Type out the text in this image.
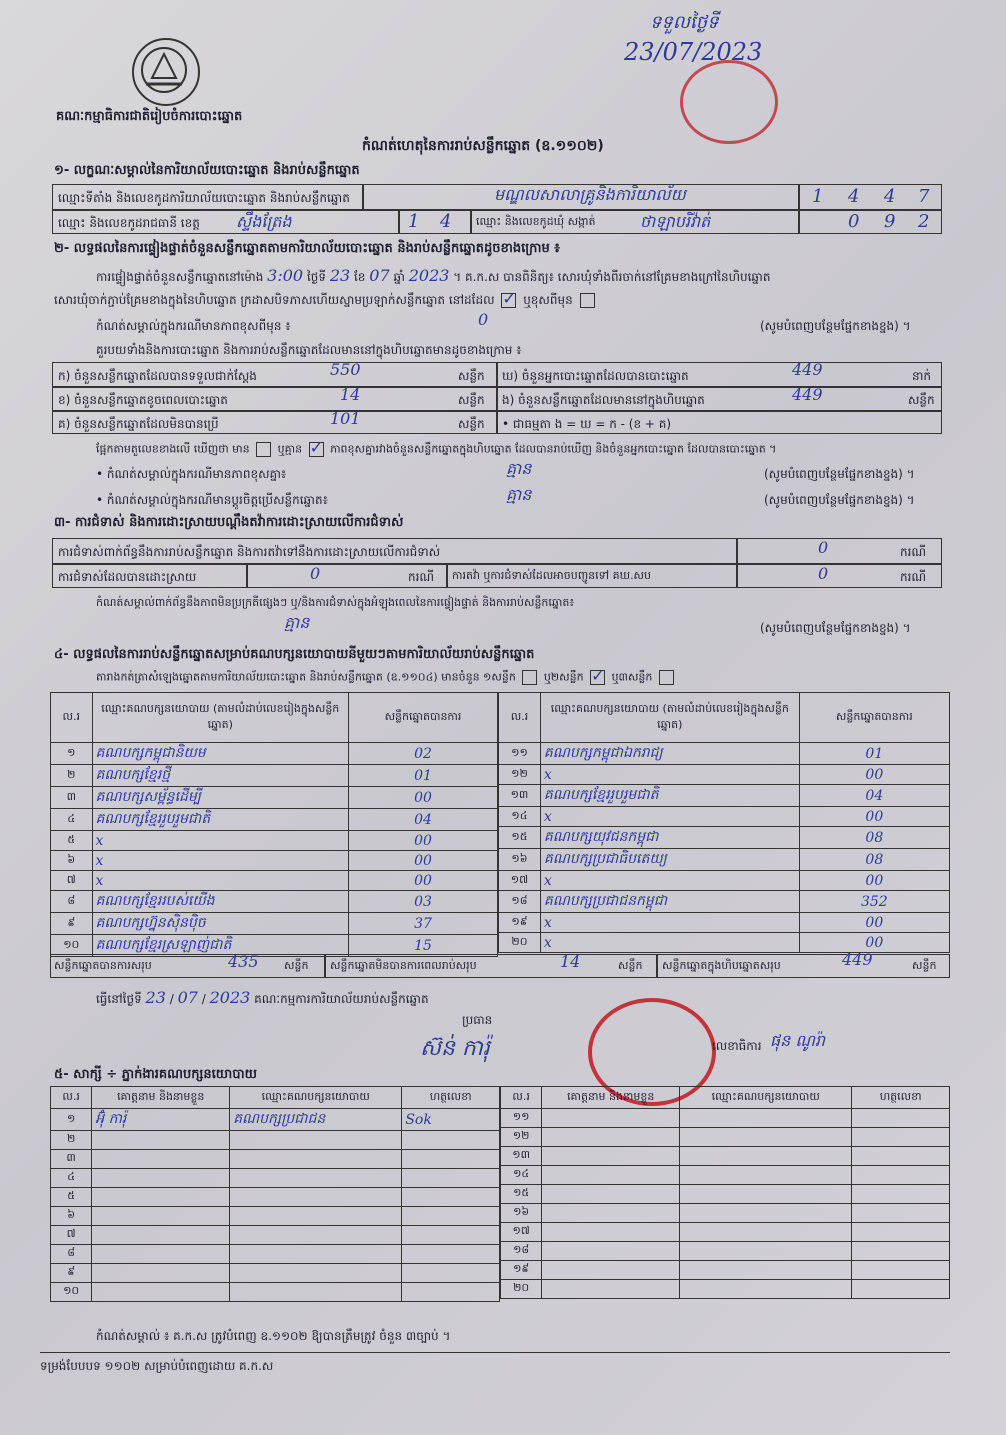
គណៈកម្មាធិការជាតិរៀបចំការបោះឆ្នោត
ទទួលថ្ងៃទី
23/07/2023
កំណត់ហេតុនៃការរាប់សន្លឹកឆ្នោត (ឧ.១១០២)
១- លក្ខណៈសម្គាល់នៃការិយាល័យបោះឆ្នោត និងរាប់សន្លឹកឆ្នោត
ឈ្មោះទីតាំង និងលេខកូដការិយាល័យបោះឆ្នោត និងរាប់សន្លឹកឆ្នោត	មណ្ឌលសាលាគ្រូនិងការិយាល័យ	1 4 4 7
ឈ្មោះ និងលេខកូដរាជធានី ខេត្ត ស្ទឹងត្រែង	1 4 ឈ្មោះ និងលេខកូដឃុំ សង្កាត់	ថាឡាបរិវ៉ាត់	0 9 2
២- លទ្ធផលនៃការផ្ទៀងផ្ទាត់ចំនួនសន្លឹកឆ្នោតតាមការិយាល័យបោះឆ្នោត និងរាប់សន្លឹកឆ្នោតដូចខាងក្រោម ៖
ការផ្ទៀងផ្ទាត់ចំនួនសន្លឹកឆ្នោតនៅម៉ោង 3:00 ថ្ងៃទី 23 ខែ 07 ឆ្នាំ 2023 ។ គ.ក.ស បានពិនិត្យ៖ សោរឃុំទាំងពីរចាក់នៅគ្រែមខាងក្រៅនៃហិបឆ្នោត
សោរឃុំចាក់ភ្ជាប់គ្រែមខាងក្នុងនៃហិបឆ្នោត ក្រដាសបិទភាសហើយស្នាមប្រឡាក់សន្លឹកឆ្នោត នៅដដែល ✓ ឬខុសពីមុន
កំណត់សម្គាល់ក្នុងករណីមានភាពខុសពីមុន ៖	0	(សូមបំពេញបន្ថែមផ្នែកខាងខ្នង) ។
គួរបយទាំងនិងការបោះឆ្នោត និងការរាប់សន្លឹកឆ្នោតដែលមាននៅក្នុងហិបឆ្នោតមានដូចខាងក្រោម ៖
ក) ចំនួនសន្លឹកឆ្នោតដែលបានទទួលជាក់ស្តែង	550	សន្លឹក
ខ) ចំនួនសន្លឹកឆ្នោតខូចពេលបោះឆ្នោត	14	សន្លឹក
គ) ចំនួនសន្លឹកឆ្នោតដែលមិនបានប្រើ	101	សន្លឹក
ឃ) ចំនួនអ្នកបោះឆ្នោតដែលបានបោះឆ្នោត	449	នាក់
ង) ចំនួនសន្លឹកឆ្នោតដែលមាននៅក្នុងហិបឆ្នោត	449	សន្លឹក
• ជាធម្មតា ង = ឃ = ក - (ខ + គ)
ផ្អែកតាមតួលេខខាងលើ ឃើញថា មាន	ឬគ្មាន ✓	ភាពខុសគ្នារវាងចំនួនសន្លឹកឆ្នោតក្នុងហិបឆ្នោត ដែលបានរាប់ឃើញ និងចំនួនអ្នកបោះឆ្នោត ដែលបានបោះឆ្នោត ។
• កំណត់សម្គាល់ក្នុងករណីមានភាពខុសគ្នា៖	គ្មាន	(សូមបំពេញបន្ថែមផ្នែកខាងខ្នង) ។
• កំណត់សម្គាល់ក្នុងករណីមានប្តូរចិត្តប្រើសន្លឹកឆ្នោត៖	គ្មាន	(សូមបំពេញបន្ថែមផ្នែកខាងខ្នង) ។
៣- ការជំទាស់ និងការដោះស្រាយបណ្តឹងតវ៉ាការដោះស្រាយលើការជំទាស់
ការជំទាស់ពាក់ព័ន្ធនឹងការរាប់សន្លឹកឆ្នោត និងការតវ៉ាទៅនឹងការដោះស្រាយលើការជំទាស់	0	ករណី
ការជំទាស់ដែលបានដោះស្រាយ	0	ករណី ការតវ៉ា ឬការជំទាស់ដែលអាចបញ្ជូនទៅ គឃ.សប	0	ករណី
កំណត់សម្គាល់ពាក់ព័ន្ធនឹងភាពមិនប្រក្រតីផ្សេងៗ ឬ/និងការជំទាស់ក្នុងអំឡុងពេលនៃការផ្ទៀងផ្ទាត់ និងការរាប់សន្លឹកឆ្នោត៖
គ្មាន	(សូមបំពេញបន្ថែមផ្នែកខាងខ្នង) ។
៤- លទ្ធផលនៃការរាប់សន្លឹកឆ្នោតសម្រាប់គណបក្សនយោបាយនីមួយៗតាមការិយាល័យរាប់សន្លឹកឆ្នោត
តារាងកត់ត្រាសំឡេងឆ្នោតតាមការិយាល័យបោះឆ្នោត និងរាប់សន្លឹកឆ្នោត (ឧ.១១០៤) មានចំនួន ១សន្លឹក	ឬ២សន្លឹក ✓	ឬ៣សន្លឹក
ល.រ	ឈ្មោះគណបក្សនយោបាយ (តាមលំដាប់លេខរៀងក្នុងសន្លឹកឆ្នោត)	សន្លឹកឆ្នោតបានការ
១	គណបក្សកម្ពុជានិយម	02
២	គណបក្សខ្មែរថ្មី	01
៣	គណបក្សសម្ព័ន្ធដើម្បី	00
៤	គណបក្សខ្មែររួបរួមជាតិ	04
៥	x	00
៦	x	00
៧	x	00
៨	គណបក្សខ្មែររបស់យើង	03
៩	គណបក្សហ្វ៊ុនស៊ិនប៉ិច	37
១០	គណបក្សខ្មែរស្រឡាញ់ជាតិ	15
ល.រ	ឈ្មោះគណបក្សនយោបាយ (តាមលំដាប់លេខរៀងក្នុងសន្លឹកឆ្នោត)	សន្លឹកឆ្នោតបានការ
១១	គណបក្សកម្ពុជាឯករាជ្យ	01
១២	x	00
១៣	គណបក្សខ្មែររួបរួមជាតិ	04
១៤	x	00
១៥	គណបក្សយុវជនកម្ពុជា	08
១៦	គណបក្សប្រជាធិបតេយ្យ	08
១៧	x	00
១៨	គណបក្សប្រជាជនកម្ពុជា	352
១៩	x	00
២០	x	00
សន្លឹកឆ្នោតបានការសរុប	435 សន្លឹក សន្លឹកឆ្នោតមិនបានការពេលរាប់សរុប	14	សន្លឹក សន្លឹកឆ្នោតក្នុងហិបឆ្នោតសរុប	449	សន្លឹក
ធ្វើនៅថ្ងៃទី 23 / 07 / 2023 គណៈកម្មការការិយាល័យរាប់សន្លឹកឆ្នោត
ប្រធាន
ស៊ន់ ការ៉ុ	លេខាធិការ ផុន ណូរ៉ា
៥- សាក្សី ÷ ភ្នាក់ងារគណបក្សនយោបាយ
ល.រ	គោត្តនាម និងនាមខ្លួន	ឈ្មោះគណបក្សនយោបាយ	ហត្ថលេខា
១	អ៊ុំ ការ៉ុ	គណបក្សប្រជាជន	Sok
២			
៣			
៤			
៥			
៦			
៧			
៨			
៩			
១០			
ល.រ	គោត្តនាម និងនាមខ្លួន	ឈ្មោះគណបក្សនយោបាយ	ហត្ថលេខា
១១			
១២			
១៣			
១៤			
១៥			
១៦			
១៧			
១៨			
១៩			
២០			
កំណត់សម្គាល់ ៖ គ.ក.ស ត្រូវបំពេញ ឧ.១១០២ ឱ្យបានត្រឹមត្រូវ ចំនួន ៣ច្បាប់ ។
ទម្រង់បែបបទ ១១០២ សម្រាប់បំពេញដោយ គ.ក.ស
